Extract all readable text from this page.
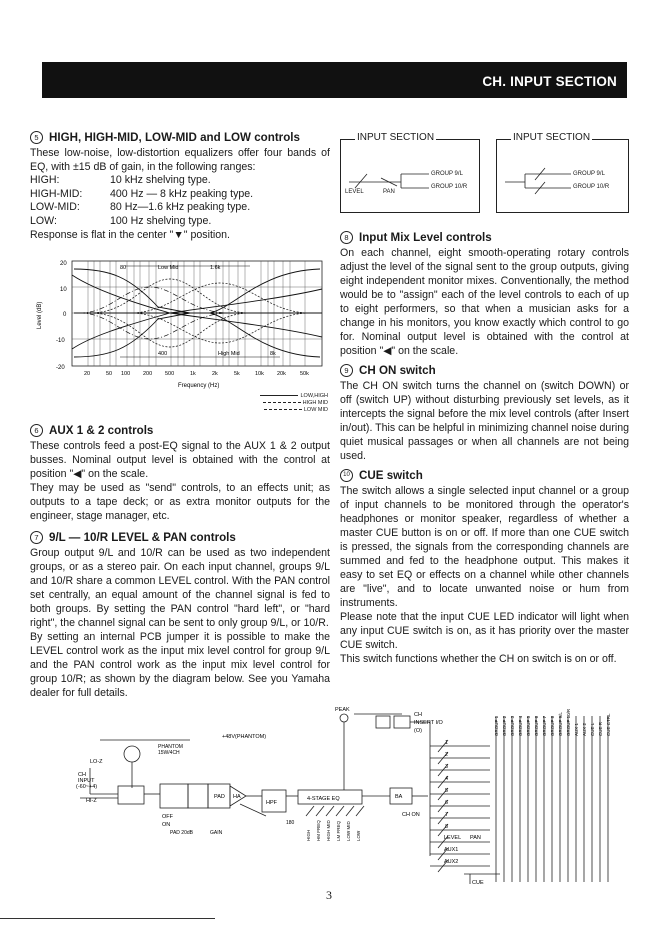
CH. INPUT SECTION
5 HIGH, HIGH-MID, LOW-MID and LOW controls

These low-noise, low-distortion equalizers offer four bands of EQ, with ±15 dB of gain, in the following ranges:

HIGH:	10 kHz shelving type.
HIGH-MID:	400 Hz — 8 kHz peaking type.
LOW-MID:	80 Hz—1.6 kHz peaking type.
LOW:	100 Hz shelving type.

Response is flat in the center "▼" position.

20
10
0
-10
-20
Level (dB)
20	50 100 200 500	1k	2k	5k	10k 20k	50k
Frequency (Hz)
80	Low Mid	1.6k
400	High Mid	8k
LOW,HIGH
HIGH MID
LOW MID
6 AUX 1 & 2 controls

These controls feed a post-EQ signal to the AUX 1 & 2 output busses. Nominal output level is obtained with the control at position "◀" on the scale.

They may be used as "send" controls, to an effects unit; as outputs to a tape deck; or as extra monitor outputs for the engineer, stage manager, etc.

7 9/L — 10/R LEVEL & PAN controls

Group output 9/L and 10/R can be used as two independent groups, or as a stereo pair. On each input channel, groups 9/L and 10/R share a common LEVEL control. With the PAN control set centrally, an equal amount of the channel signal is fed to both groups. By setting the PAN control "hard left", or "hard right", the channel signal can be sent to only group 9/L, or 10/R.

By setting an internal PCB jumper it is possible to make the LEVEL control work as the input mix level control for group 9/L and the PAN control work as the input mix level control for group 10/R; as shown by the diagram below. See you Yamaha dealer for full details.

INPUT SECTION
GROUP 9/L
GROUP 10/R
LEVEL	PAN
INPUT SECTION
GROUP 9/L
GROUP 10/R
8 Input Mix Level controls

On each channel, eight smooth-operating rotary controls adjust the level of the signal sent to the group outputs, giving eight independent monitor mixes. Conventionally, the method would be to "assign" each of the level controls to each of up to eight performers, so that when a musician asks for a change in his monitors, you know exactly which control to go for. Nominal output level is obtained with the control at position "◀" on the scale.

9 CH ON switch

The CH ON switch turns the channel on (switch DOWN) or off (switch UP) without disturbing previously set levels, as it intercepts the signal before the mix level controls (after Insert in/out). This can be helpful in minimizing channel noise during quiet musical passages or when all channels are not being used.

10 CUE switch

The switch allows a single selected input channel or a group of input channels to be monitored through the operator's headphones or monitor speaker, regardless of whether a master CUE button is on or off. If more than one CUE switch is pressed, the signals from the corresponding channels are summed and fed to the headphone output. This makes it easy to set EQ or effects on a channel while other channels are "live", and to locate unwanted noise or hum from instruments.

Please note that the input CUE LED indicator will light when any input CUE switch is on, as it has priority over the master CUE switch.

This switch functions whether the CH on switch is on or off.

+48V(PHANTOM)
PHANTOM
15W/4CH
LO-Z
CH
INPUT
(-60~+4)
HI-Z
PAD HA
HPF
4-STAGE EQ	BA
PEAK
CH
INSERT I/O
(O)
CH ON
1
2
3
4
5
6
7
8
LEVEL PAN
AUX1
AUX2
CUE
OFF
ON
PAD 20dB	GAIN
180
HIGH HM FREQ HIGH MID LM FREQ LOW MID LOW
GROUP 1 GROUP 2 GROUP 3 GROUP 4 GROUP 5 GROUP 6 GROUP 7 GROUP 8 GROUP 9/L GROUP 10/R AUX 1 AUX 2 CUE L CUE R CUE CTRL
3
